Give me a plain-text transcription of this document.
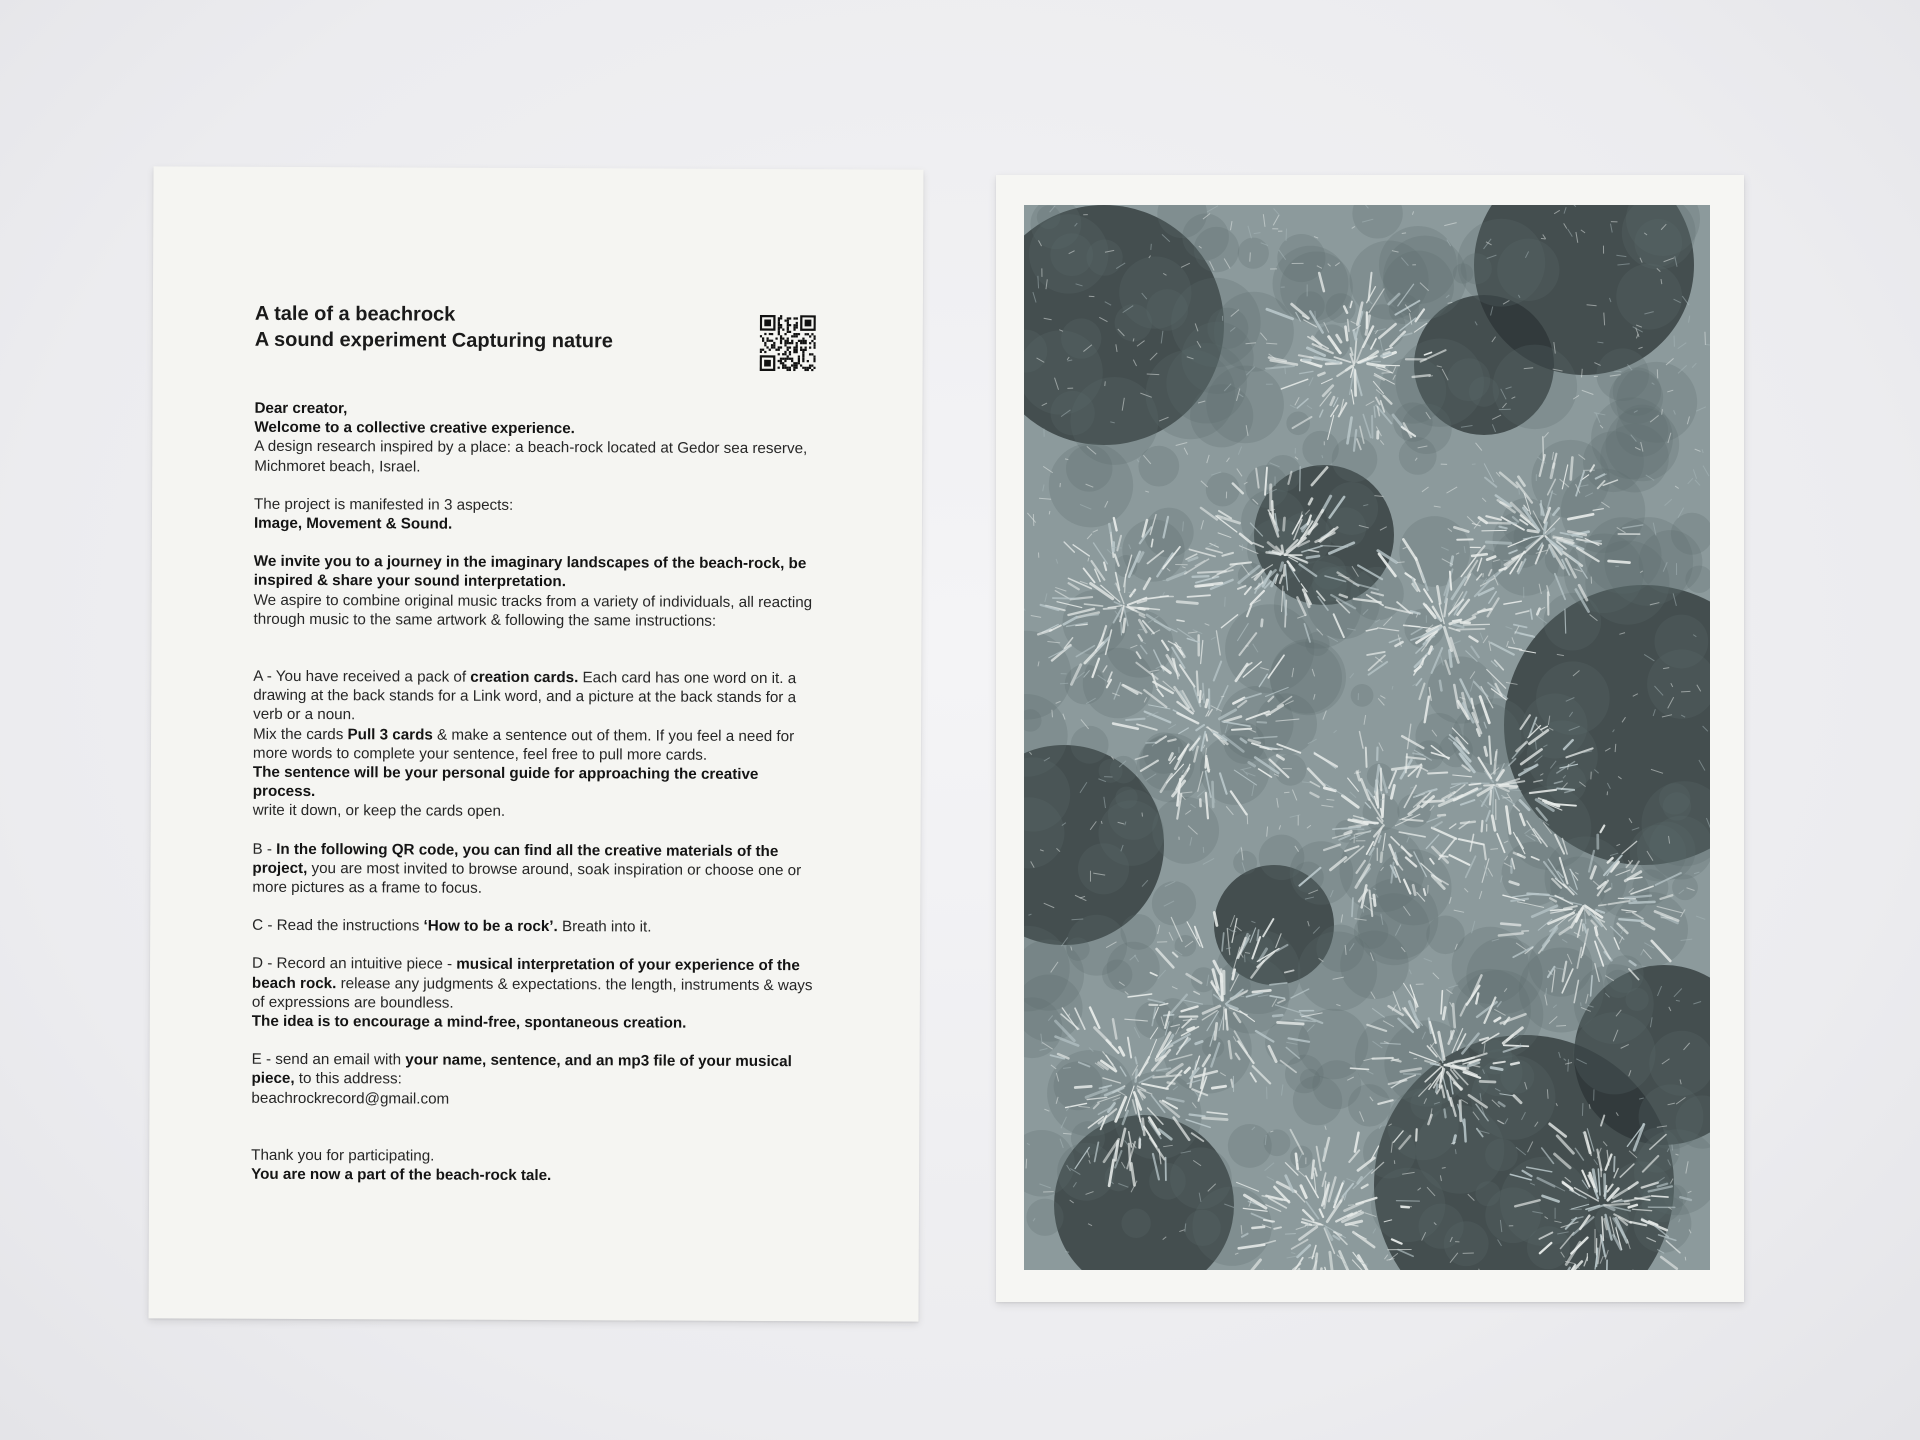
A tale of a beachrock
A sound experiment Capturing nature

Dear creator,
Welcome to a collective creative experience.
A design research inspired by a place: a beach-rock located at Gedor sea reserve, Michmoret beach, Israel.

The project is manifested in 3 aspects:
Image, Movement & Sound.

We invite you to a journey in the imaginary landscapes of the beach-rock, be inspired & share your sound interpretation.
We aspire to combine original music tracks from a variety of individuals, all reacting through music to the same artwork & following the same instructions:

A - You have received a pack of creation cards. Each card has one word on it. a drawing at the back stands for a Link word, and a picture at the back stands for a verb or a noun.
Mix the cards Pull 3 cards & make a sentence out of them. If you feel a need for more words to complete your sentence, feel free to pull more cards.
The sentence will be your personal guide for approaching the creative process.
write it down, or keep the cards open.

B - In the following QR code, you can find all the creative materials of the project, you are most invited to browse around, soak inspiration or choose one or more pictures as a frame to focus.

C - Read the instructions ‘How to be a rock’. Breath into it.

D - Record an intuitive piece - musical interpretation of your experience of the beach rock. release any judgments & expectations. the length, instruments & ways of expressions are boundless.
The idea is to encourage a mind-free, spontaneous creation.

E - send an email with your name, sentence, and an mp3 file of your musical piece, to this address:
beachrockrecord@gmail.com

Thank you for participating.
You are now a part of the beach-rock tale.
